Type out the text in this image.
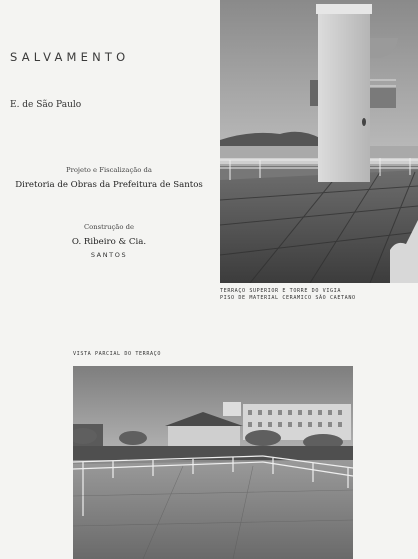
SALVAMENTO
E. de São Paulo
Projeto e Fiscalização da
Diretoria de Obras da Prefeitura de Santos
Construção de
O. Ribeiro & Cia.
SANTOS
TERRAÇO SUPERIOR E TORRE DO VIGIA
PISO DE MATERIAL CERAMICO SÃO CAETANO
VISTA PARCIAL DO TERRAÇO
